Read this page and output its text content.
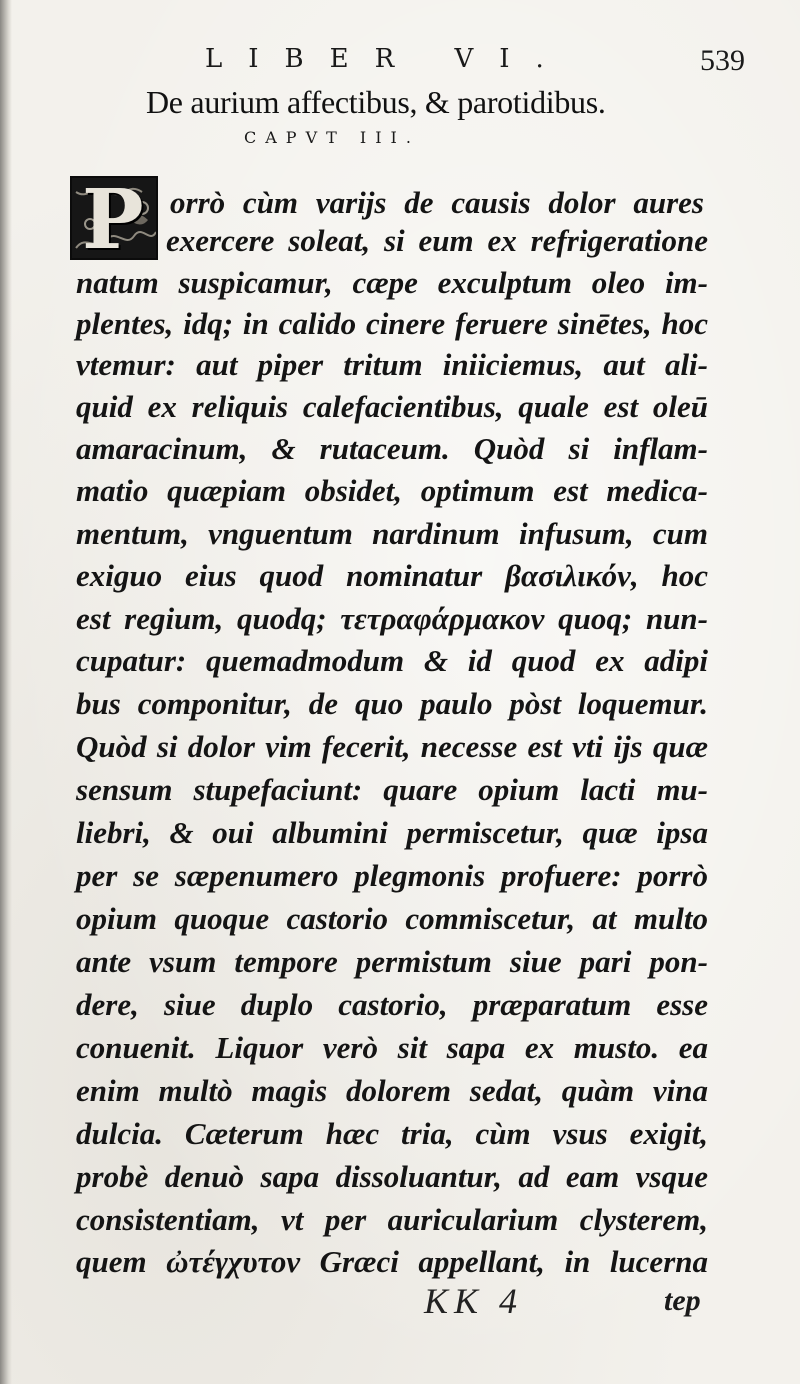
LIBER VI.	539
De aurium affectibus, & parotidibus.
CAPVT III.
P orrò cùm varijs de causis dolor aures
exercere soleat, si eum ex refrigeratione
natum suspicamur, cæpe exculptum oleo im-
plentes, idq; in calido cinere feruere sinētes, hoc
vtemur: aut piper tritum iniiciemus, aut ali-
quid ex reliquis calefacientibus, quale est oleū
amaracinum, & rutaceum. Quòd si inflam-
matio quæpiam obsidet, optimum est medica-
mentum, vnguentum nardinum infusum, cum
exiguo eius quod nominatur βασιλικόν, hoc
est regium, quodq; τετραφάρμακον quoq; nun-
cupatur: quemadmodum & id quod ex adipi
bus componitur, de quo paulo pòst loquemur.
Quòd si dolor vim fecerit, necesse est vti ijs quæ
sensum stupefaciunt: quare opium lacti mu-
liebri, & oui albumini permiscetur, quæ ipsa
per se sæpenumero plegmonis profuere: porrò
opium quoque castorio commiscetur, at multo
ante vsum tempore permistum siue pari pon-
dere, siue duplo castorio, præparatum esse
conuenit. Liquor verò sit sapa ex musto. ea
enim multò magis dolorem sedat, quàm vina
dulcia. Cæterum hæc tria, cùm vsus exigit,
probè denuò sapa dissoluantur, ad eam vsque
consistentiam, vt per auricularium clysterem,
quem ὠτέγχυτον Græci appellant, in lucerna
KK 4	tep
